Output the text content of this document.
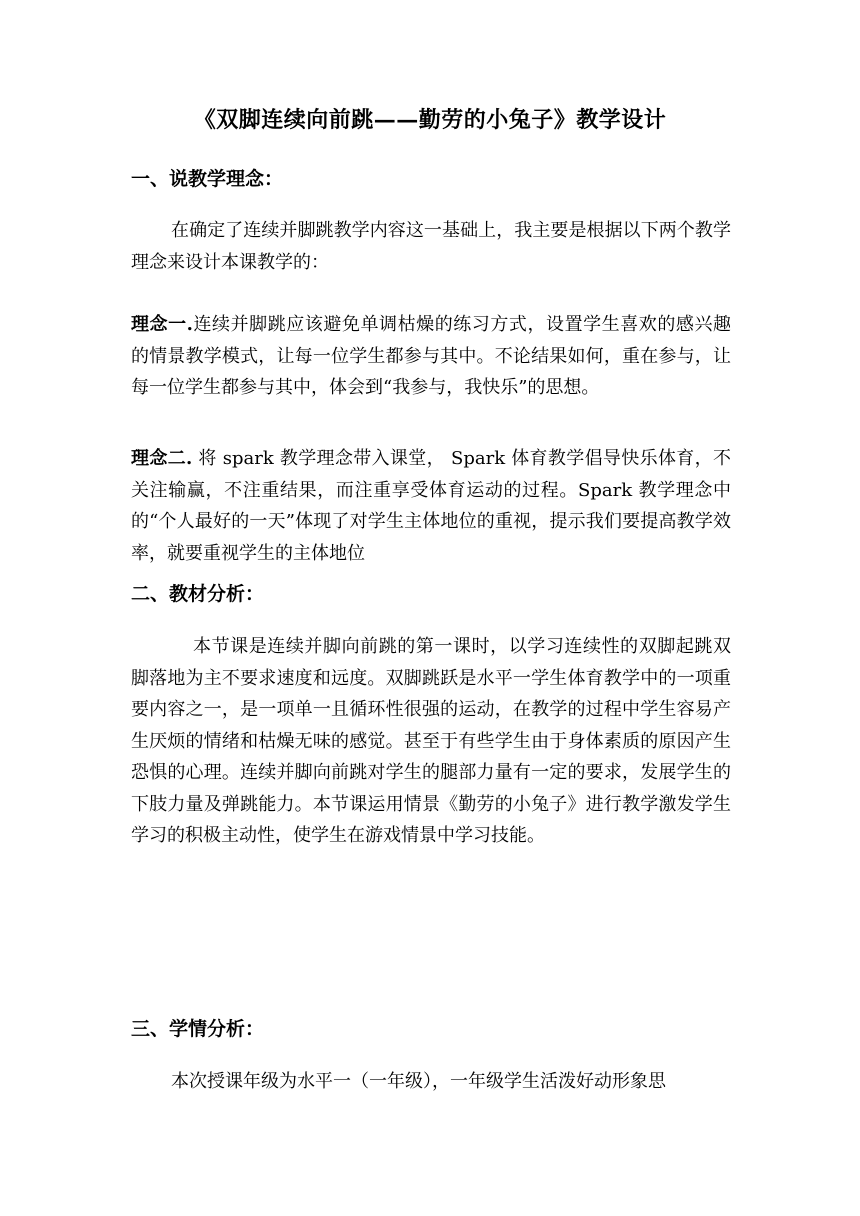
《双脚连续向前跳——勤劳的小兔子》教学设计
一、说教学理念：

在确定了连续并脚跳教学内容这一基础上，我主要是根据以下两个教学理念来设计本课教学的：

理念一.连续并脚跳应该避免单调枯燥的练习方式，设置学生喜欢的感兴趣的情景教学模式，让每一位学生都参与其中。不论结果如何，重在参与，让每一位学生都参与其中，体会到“我参与，我快乐”的思想。

理念二. 将 spark 教学理念带入课堂， Spark 体育教学倡导快乐体育，不关注输赢，不注重结果，而注重享受体育运动的过程。Spark 教学理念中的“个人最好的一天”体现了对学生主体地位的重视，提示我们要提高教学效率，就要重视学生的主体地位

二、教材分析：

本节课是连续并脚向前跳的第一课时，以学习连续性的双脚起跳双脚落地为主不要求速度和远度。双脚跳跃是水平一学生体育教学中的一项重要内容之一，是一项单一且循环性很强的运动，在教学的过程中学生容易产生厌烦的情绪和枯燥无味的感觉。甚至于有些学生由于身体素质的原因产生恐惧的心理。连续并脚向前跳对学生的腿部力量有一定的要求，发展学生的下肢力量及弹跳能力。本节课运用情景《勤劳的小兔子》进行教学激发学生学习的积极主动性，使学生在游戏情景中学习技能。

三、学情分析：

本次授课年级为水平一（一年级），一年级学生活泼好动形象思
